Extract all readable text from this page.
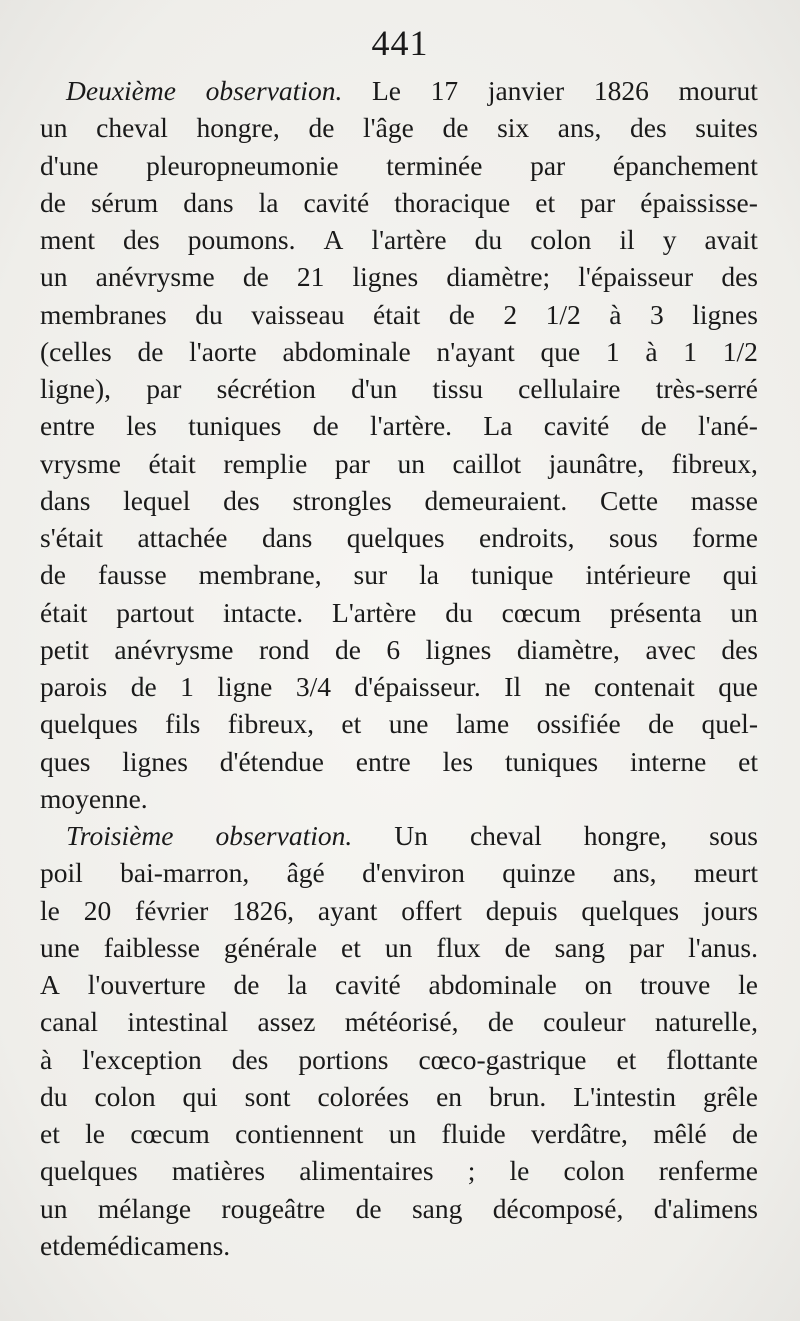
441
Deuxième observation. Le 17 janvier 1826 mourut
un cheval hongre, de l'âge de six ans, des suites
d'une pleuropneumonie terminée par épanchement
de sérum dans la cavité thoracique et par épaississe-
ment des poumons. A l'artère du colon il y avait
un anévrysme de 21 lignes diamètre; l'épaisseur des
membranes du vaisseau était de 2 1/2 à 3 lignes
(celles de l'aorte abdominale n'ayant que 1 à 1 1/2
ligne), par sécrétion d'un tissu cellulaire très-serré
entre les tuniques de l'artère. La cavité de l'ané-
vrysme était remplie par un caillot jaunâtre, fibreux,
dans lequel des strongles demeuraient. Cette masse
s'était attachée dans quelques endroits, sous forme
de fausse membrane, sur la tunique intérieure qui
était partout intacte. L'artère du cœcum présenta un
petit anévrysme rond de 6 lignes diamètre, avec des
parois de 1 ligne 3/4 d'épaisseur. Il ne contenait que
quelques fils fibreux, et une lame ossifiée de quel-
ques lignes d'étendue entre les tuniques interne et
moyenne.
Troisième observation. Un cheval hongre, sous
poil bai-marron, âgé d'environ quinze ans, meurt
le 20 février 1826, ayant offert depuis quelques jours
une faiblesse générale et un flux de sang par l'anus.
A l'ouverture de la cavité abdominale on trouve le
canal intestinal assez météorisé, de couleur naturelle,
à l'exception des portions cœco-gastrique et flottante
du colon qui sont colorées en brun. L'intestin grêle
et le cœcum contiennent un fluide verdâtre, mêlé de
quelques matières alimentaires ; le colon renferme
un mélange rougeâtre de sang décomposé, d'alimens
et de médicamens.
